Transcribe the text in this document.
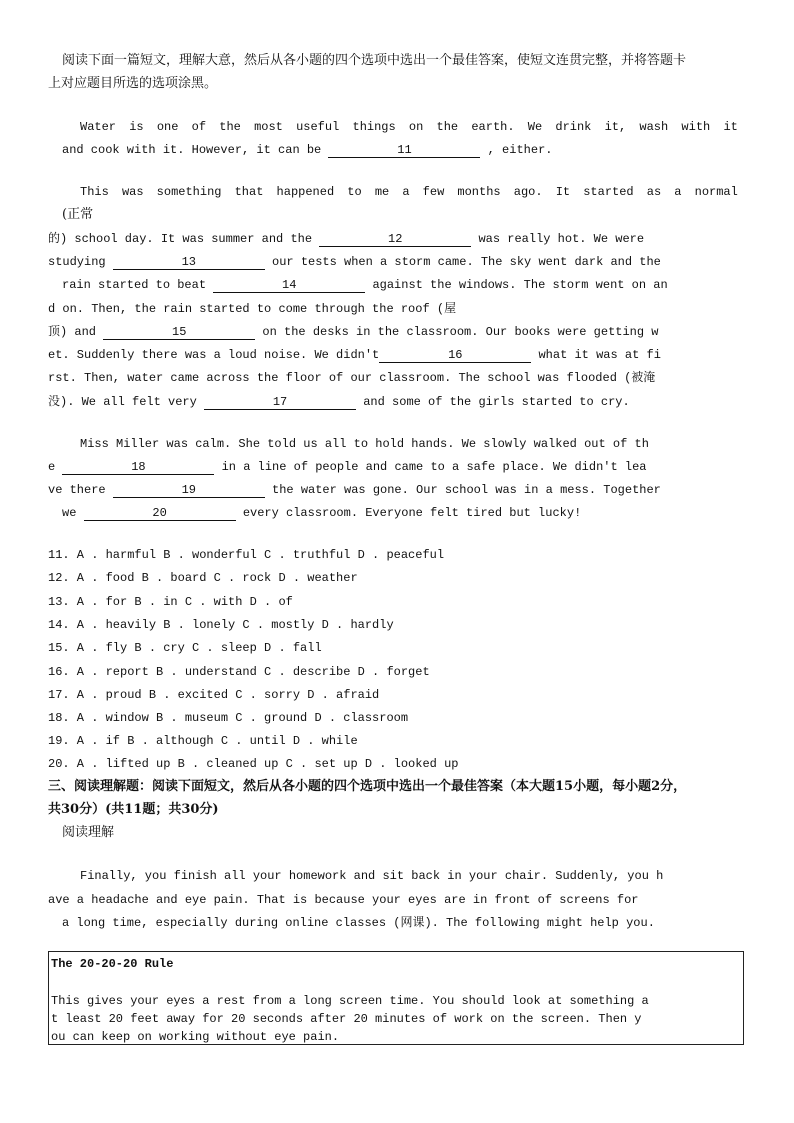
阅读下面一篇短文，理解大意，然后从各小题的四个选项中选出一个最佳答案，使短文连贯完整，并将答题卡
上对应题目所选的选项涂黑。
Water is one of the most useful things on the earth. We drink it, wash with it
and cook with it. However, it can be	11	, either.
This was something that happened to me a few months ago. It started as a normal
(正常
的) school day. It was summer and the	12	was really hot. We were
studying	13	our tests when a storm came. The sky went dark and the
rain started to beat	14	against the windows. The storm went on an
d on. Then, the rain started to come through the roof (屋
顶) and	15	on the desks in the classroom. Our books were getting w
et. Suddenly there was a loud noise. We didn't	16	what it was at fi
rst. Then, water came across the floor of our classroom. The school was flooded (被淹
没). We all felt very	17	and some of the girls started to cry.
Miss Miller was calm. She told us all to hold hands. We slowly walked out of th
e	18	in a line of people and came to a safe place. We didn't lea
ve there	19	the water was gone. Our school was in a mess. Together
we	20	every classroom. Everyone felt tired but lucky!
11. A . harmful B . wonderful C . truthful D . peaceful
12. A . food B . board C . rock D . weather
13. A . for B . in C . with D . of
14. A . heavily B . lonely C . mostly D . hardly
15. A . fly B . cry C . sleep D . fall
16. A . report B . understand C . describe D . forget
17. A . proud B . excited C . sorry D . afraid
18. A . window B . museum C . ground D . classroom
19. A . if B . although C . until D . while
20. A . lifted up B . cleaned up C . set up D . looked up
三、阅读理解题：阅读下面短文，然后从各小题的四个选项中选出一个最佳答案（本大题15小题，每小题2分，
共30分）(共11题；共30分)
阅读理解
Finally, you finish all your homework and sit back in your chair. Suddenly, you h
ave a headache and eye pain. That is because your eyes are in front of screens for
a long time, especially during online classes (网课). The following might help you.
The 20-20-20 Rule
This gives your eyes a rest from a long screen time. You should look at something a
t least 20 feet away for 20 seconds after 20 minutes of work on the screen. Then y
ou can keep on working without eye pain.
